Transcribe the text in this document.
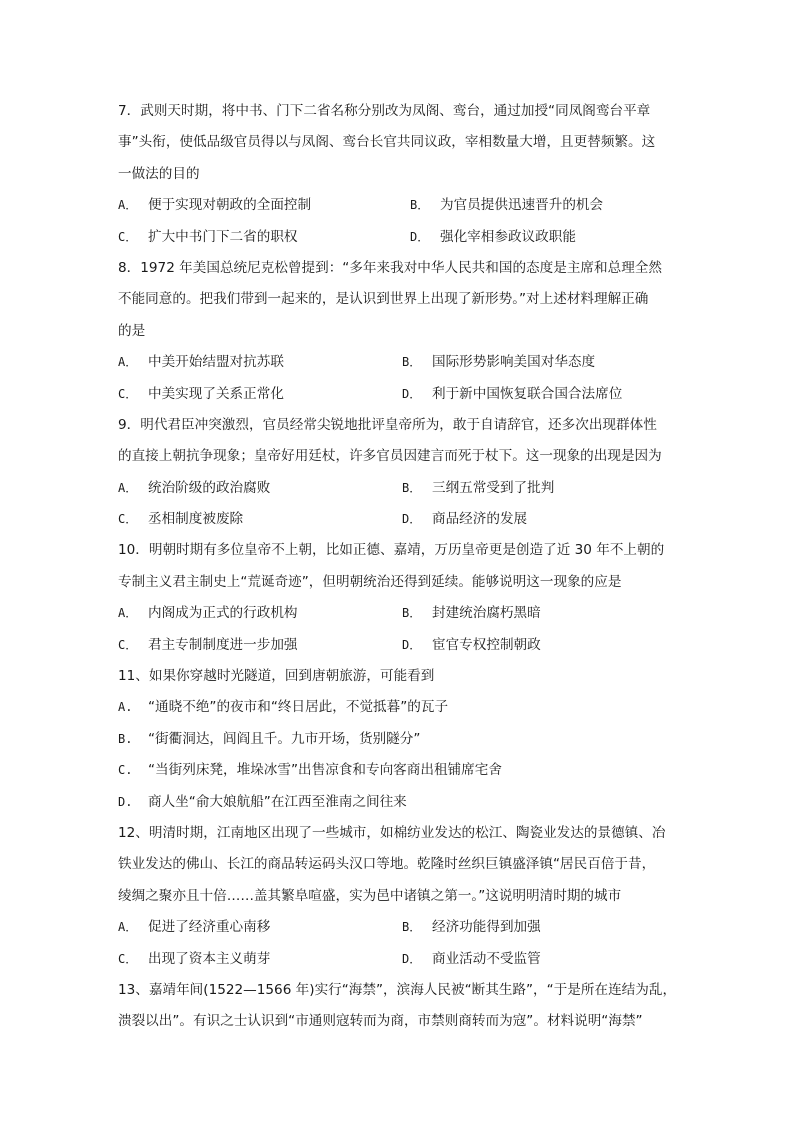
7．武则天时期，将中书、门下二省名称分别改为凤阁、鸾台，通过加授“同凤阁鸾台平章
事”头衔，使低品级官员得以与凤阁、鸾台长官共同议政，宰相数量大增，且更替频繁。这
一做法的目的
A． 便于实现对朝政的全面控制	B． 为官员提供迅速晋升的机会
C． 扩大中书门下二省的职权	D． 强化宰相参政议政职能
8．1972 年美国总统尼克松曾提到：“多年来我对中华人民共和国的态度是主席和总理全然
不能同意的。把我们带到一起来的，是认识到世界上出现了新形势。”对上述材料理解正确
的是
A． 中美开始结盟对抗苏联	B． 国际形势影响美国对华态度
C． 中美实现了关系正常化	D． 利于新中国恢复联合国合法席位
9．明代君臣冲突激烈，官员经常尖锐地批评皇帝所为，敢于自请辞官，还多次出现群体性
的直接上朝抗争现象；皇帝好用廷杖，许多官员因建言而死于杖下。这一现象的出现是因为
A． 统治阶级的政治腐败	B． 三纲五常受到了批判
C． 丞相制度被废除	D． 商品经济的发展
10．明朝时期有多位皇帝不上朝，比如正德、嘉靖，万历皇帝更是创造了近 30 年不上朝的
专制主义君主制史上“荒诞奇迹”，但明朝统治还得到延续。能够说明这一现象的应是
A． 内阁成为正式的行政机构	B． 封建统治腐朽黑暗
C． 君主专制制度进一步加强	D． 宦官专权控制朝政
11、如果你穿越时光隧道，回到唐朝旅游，可能看到
A. “通晓不绝”的夜市和“终日居此，不觉抵暮”的瓦子
B. “街衢洞达，闾阎且千。九市开场，货别隧分”
C. “当街列床凳，堆垛冰雪”出售凉食和专向客商出租铺席宅舍
D. 商人坐“俞大娘航船”在江西至淮南之间往来
12、明清时期，江南地区出现了一些城市，如棉纺业发达的松江、陶瓷业发达的景德镇、冶
铁业发达的佛山、长江的商品转运码头汉口等地。乾隆时丝织巨镇盛泽镇“居民百倍于昔，
绫绸之聚亦且十倍……盖其繁阜喧盛，实为邑中诸镇之第一。”这说明明清时期的城市
A． 促进了经济重心南移	B． 经济功能得到加强
C． 出现了资本主义萌芽	D． 商业活动不受监管
13、嘉靖年间(1522—1566 年)实行“海禁”，滨海人民被“断其生路”，“于是所在连结为乱，
溃裂以出”。有识之士认识到“市通则寇转而为商，市禁则商转而为寇”。材料说明“海禁”
